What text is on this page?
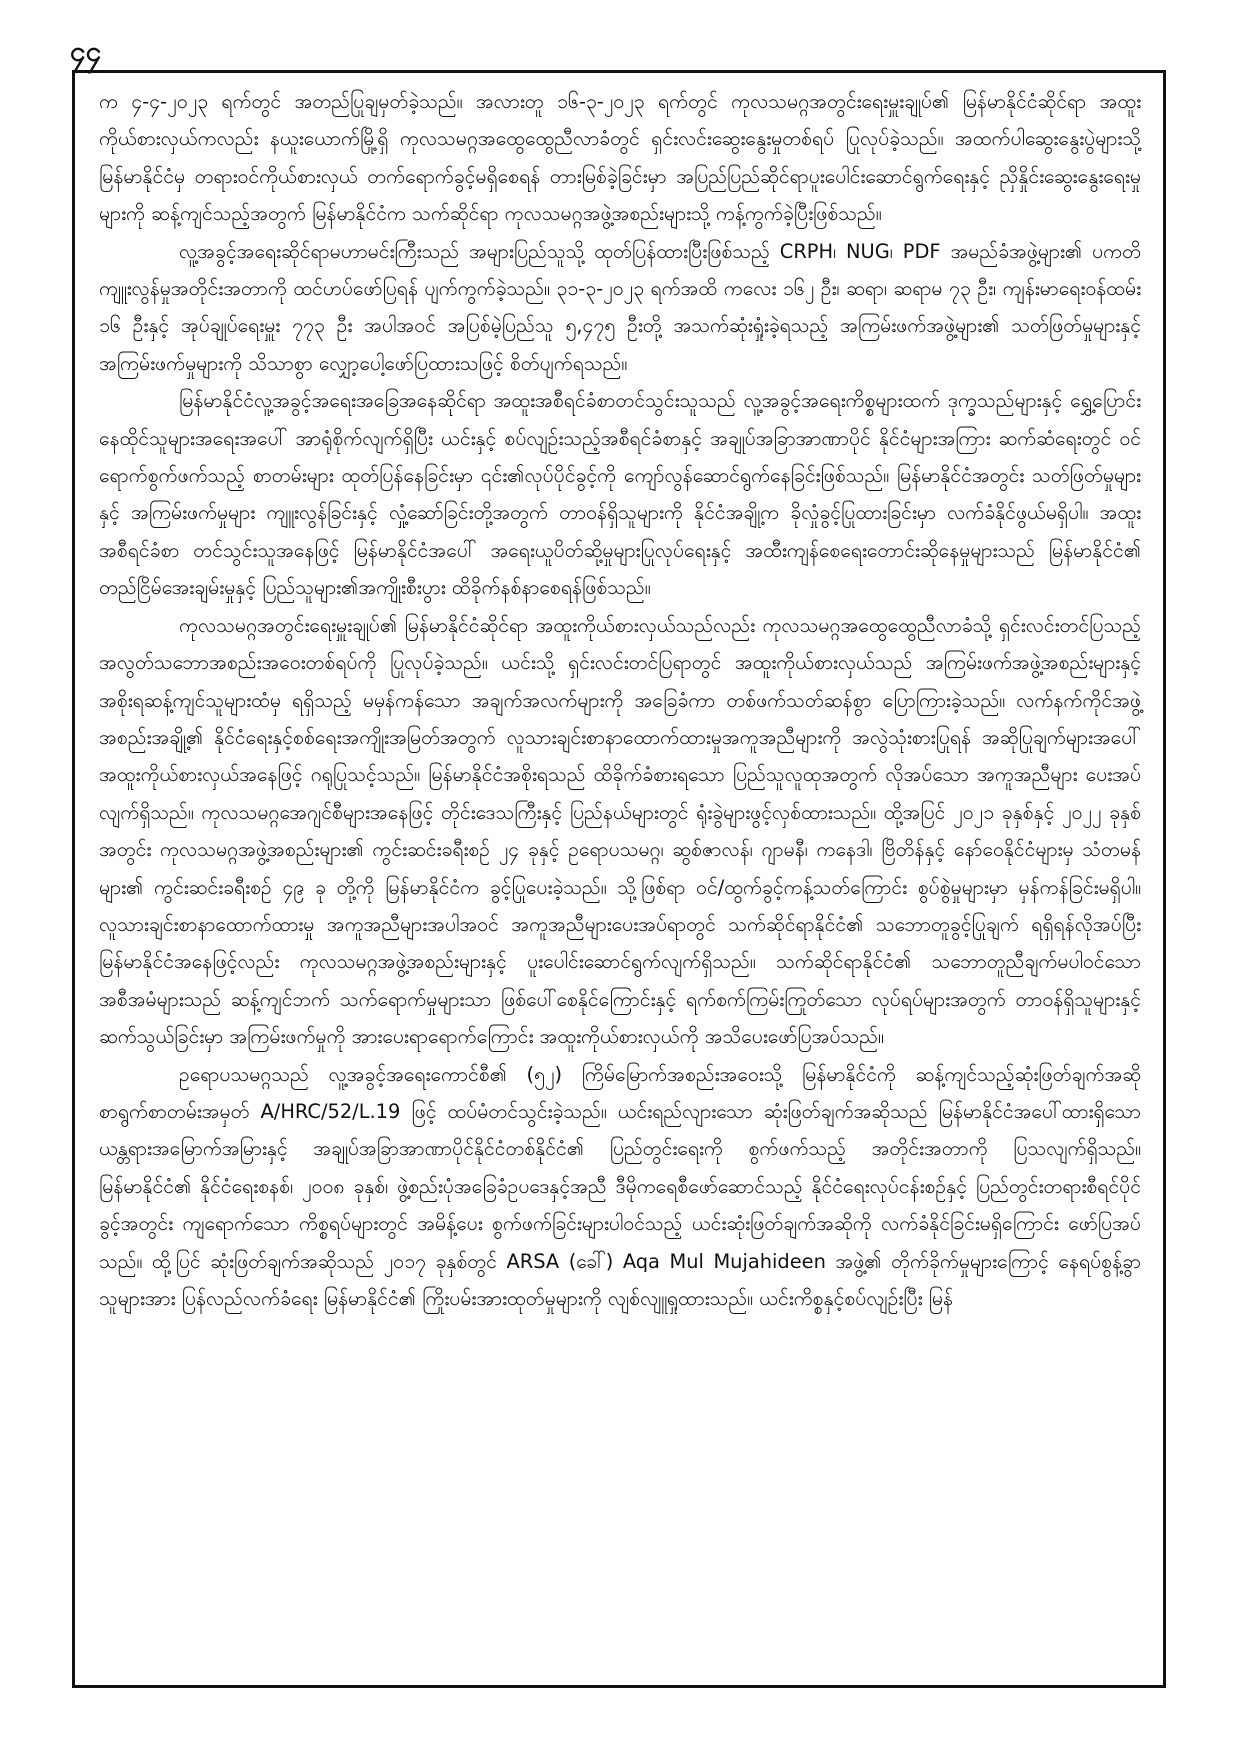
၄၄

က ၄-၄-၂၀၂၃ ရက်တွင် အတည်ပြုချမှတ်ခဲ့သည်။ အလားတူ ၁၆-၃-၂၀၂၃ ရက်တွင် ကုလသမဂ္ဂအတွင်းရေးမှူးချုပ်၏ မြန်မာနိုင်ငံဆိုင်ရာ အထူးကိုယ်စားလှယ်ကလည်း နယူးယောက်မြို့ရှိ ကုလသမဂ္ဂအထွေထွေညီလာခံတွင် ရှင်းလင်းဆွေးနွေးမှုတစ်ရပ် ပြုလုပ်ခဲ့သည်။ အထက်ပါဆွေးနွေးပွဲများသို့ မြန်မာနိုင်ငံမှ တရားဝင်ကိုယ်စားလှယ် တက်ရောက်ခွင့်မရှိစေရန် တားမြစ်ခဲ့ခြင်းမှာ အပြည်ပြည်ဆိုင်ရာပူးပေါင်းဆောင်ရွက်ရေးနှင့် ညှိနှိုင်းဆွေးနွေးရေးမှုများကို ဆန့်ကျင်သည့်အတွက် မြန်မာနိုင်ငံက သက်ဆိုင်ရာ ကုလသမဂ္ဂအဖွဲ့အစည်းများသို့ ကန့်ကွက်ခဲ့ပြီးဖြစ်သည်။

လူ့အခွင့်အရေးဆိုင်ရာမဟာမင်းကြီးသည် အများပြည်သူသို့ ထုတ်ပြန်ထားပြီးဖြစ်သည့် CRPH၊ NUG၊ PDF အမည်ခံအဖွဲ့များ၏ ပကတိကျူးလွန်မှုအတိုင်းအတာကို ထင်ဟပ်ဖော်ပြရန် ပျက်ကွက်ခဲ့သည်။ ၃၁-၃-၂၀၂၃ ရက်အထိ ကလေး ၁၆၂ ဦး၊ ဆရာ၊ ဆရာမ ၇၃ ဦး၊ ကျန်းမာရေးဝန်ထမ်း ၁၆ ဦးနှင့် အုပ်ချုပ်ရေးမှူး ၇၇၃ ဦး အပါအဝင် အပြစ်မဲ့ပြည်သူ ၅,၄၇၅ ဦးတို့ အသက်ဆုံးရှုံးခဲ့ရသည့် အကြမ်းဖက်အဖွဲ့များ၏ သတ်ဖြတ်မှုများနှင့် အကြမ်းဖက်မှုများကို သိသာစွာ လျှော့ပေါ့ဖော်ပြထားသဖြင့် စိတ်ပျက်ရသည်။

မြန်မာနိုင်ငံလူ့အခွင့်အရေးအခြေအနေဆိုင်ရာ အထူးအစီရင်ခံစာတင်သွင်းသူသည် လူ့အခွင့်အရေးကိစ္စများထက် ဒုက္ခသည်များနှင့် ရွှေ့ပြောင်းနေထိုင်သူများအရေးအပေါ် အာရုံစိုက်လျက်ရှိပြီး ယင်းနှင့် စပ်လျဉ်းသည့်အစီရင်ခံစာနှင့် အချုပ်အခြာအာဏာပိုင် နိုင်ငံများအကြား ဆက်ဆံရေးတွင် ဝင်ရောက်စွက်ဖက်သည့် စာတမ်းများ ထုတ်ပြန်နေခြင်းမှာ ၎င်း၏လုပ်ပိုင်ခွင့်ကို ကျော်လွန်ဆောင်ရွက်နေခြင်းဖြစ်သည်။ မြန်မာနိုင်ငံအတွင်း သတ်ဖြတ်မှုများနှင့် အကြမ်းဖက်မှုများ ကျူးလွန်ခြင်းနှင့် လှုံ့ဆော်ခြင်းတို့အတွက် တာဝန်ရှိသူများကို နိုင်ငံအချို့က ခိုလှုံခွင့်ပြုထားခြင်းမှာ လက်ခံနိုင်ဖွယ်မရှိပါ။ အထူးအစီရင်ခံစာ တင်သွင်းသူအနေဖြင့် မြန်မာနိုင်ငံအပေါ် အရေးယူပိတ်ဆို့မှုများပြုလုပ်ရေးနှင့် အထီးကျန်စေရေးတောင်းဆိုနေမှုများသည် မြန်မာနိုင်ငံ၏ တည်ငြိမ်အေးချမ်းမှုနှင့် ပြည်သူများ၏အကျိုးစီးပွား ထိခိုက်နစ်နာစေရန်ဖြစ်သည်။

ကုလသမဂ္ဂအတွင်းရေးမှူးချုပ်၏ မြန်မာနိုင်ငံဆိုင်ရာ အထူးကိုယ်စားလှယ်သည်လည်း ကုလသမဂ္ဂအထွေထွေညီလာခံသို့ ရှင်းလင်းတင်ပြသည့် အလွတ်သဘောအစည်းအဝေးတစ်ရပ်ကို ပြုလုပ်ခဲ့သည်။ ယင်းသို့ ရှင်းလင်းတင်ပြရာတွင် အထူးကိုယ်စားလှယ်သည် အကြမ်းဖက်အဖွဲ့အစည်းများနှင့် အစိုးရဆန့်ကျင်သူများထံမှ ရရှိသည့် မမှန်ကန်သော အချက်အလက်များကို အခြေခံကာ တစ်ဖက်သတ်ဆန်စွာ ပြောကြားခဲ့သည်။ လက်နက်ကိုင်အဖွဲ့အစည်းအချို့၏ နိုင်ငံရေးနှင့်စစ်ရေးအကျိုးအမြတ်အတွက် လူသားချင်းစာနာထောက်ထားမှုအကူအညီများကို အလွဲသုံးစားပြုရန် အဆိုပြုချက်များအပေါ် အထူးကိုယ်စားလှယ်အနေဖြင့် ဂရုပြုသင့်သည်။ မြန်မာနိုင်ငံအစိုးရသည် ထိခိုက်ခံစားရသော ပြည်သူလူထုအတွက် လိုအပ်သော အကူအညီများ ပေးအပ်လျက်ရှိသည်။ ကုလသမဂ္ဂအေဂျင်စီများအနေဖြင့် တိုင်းဒေသကြီးနှင့် ပြည်နယ်များတွင် ရုံးခွဲများဖွင့်လှစ်ထားသည်။ ထို့အပြင် ၂၀၂၁ ခုနှစ်နှင့် ၂၀၂၂ ခုနှစ်အတွင်း ကုလသမဂ္ဂအဖွဲ့အစည်းများ၏ ကွင်းဆင်းခရီးစဉ် ၂၄ ခုနှင့် ဥရောပသမဂ္ဂ၊ ဆွစ်ဇာလန်၊ ဂျာမနီ၊ ကနေဒါ၊ ဗြိတိန်နှင့် နော်ဝေနိုင်ငံများမှ သံတမန်များ၏ ကွင်းဆင်းခရီးစဉ် ၄၉ ခု တို့ကို မြန်မာနိုင်ငံက ခွင့်ပြုပေးခဲ့သည်။ သို့ဖြစ်ရာ ဝင်/ထွက်ခွင့်ကန့်သတ်ကြောင်း စွပ်စွဲမှုများမှာ မှန်ကန်ခြင်းမရှိပါ။ လူသားချင်းစာနာထောက်ထားမှု အကူအညီများအပါအဝင် အကူအညီများပေးအပ်ရာတွင် သက်ဆိုင်ရာနိုင်ငံ၏ သဘောတူခွင့်ပြုချက် ရရှိရန်လိုအပ်ပြီး မြန်မာနိုင်ငံအနေဖြင့်လည်း ကုလသမဂ္ဂအဖွဲ့အစည်းများနှင့် ပူးပေါင်းဆောင်ရွက်လျက်ရှိသည်။ သက်ဆိုင်ရာနိုင်ငံ၏ သဘောတူညီချက်မပါဝင်သော အစီအမံများသည် ဆန့်ကျင်ဘက် သက်ရောက်မှုများသာ ဖြစ်ပေါ်စေနိုင်ကြောင်းနှင့် ရက်စက်ကြမ်းကြုတ်သော လုပ်ရပ်များအတွက် တာဝန်ရှိသူများနှင့် ဆက်သွယ်ခြင်းမှာ အကြမ်းဖက်မှုကို အားပေးရာရောက်ကြောင်း အထူးကိုယ်စားလှယ်ကို အသိပေးဖော်ပြအပ်သည်။

ဥရောပသမဂ္ဂသည် လူ့အခွင့်အရေးကောင်စီ၏ (၅၂) ကြိမ်မြောက်အစည်းအဝေးသို့ မြန်မာနိုင်ငံကို ဆန့်ကျင်သည့်ဆုံးဖြတ်ချက်အဆို စာရွက်စာတမ်းအမှတ် A/HRC/52/L.19 ဖြင့် ထပ်မံတင်သွင်းခဲ့သည်။ ယင်းရည်လျားသော ဆုံးဖြတ်ချက်အဆိုသည် မြန်မာနိုင်ငံအပေါ်ထားရှိသော ယန္တရားအမြောက်အမြားနှင့် အချုပ်အခြာအာဏာပိုင်နိုင်ငံတစ်နိုင်ငံ၏ ပြည်တွင်းရေးကို စွက်ဖက်သည့် အတိုင်းအတာကို ပြသလျက်ရှိသည်။ မြန်မာနိုင်ငံ၏ နိုင်ငံရေးစနစ်၊ ၂၀၀၈ ခုနှစ်၊ ဖွဲ့စည်းပုံအခြေခံဥပဒေနှင့်အညီ ဒီမိုကရေစီဖော်ဆောင်သည့် နိုင်ငံရေးလုပ်ငန်းစဉ်နှင့် ပြည်တွင်းတရားစီရင်ပိုင်ခွင့်အတွင်း ကျရောက်သော ကိစ္စရပ်များတွင် အမိန့်ပေး စွက်ဖက်ခြင်းများပါဝင်သည့် ယင်းဆုံးဖြတ်ချက်အဆိုကို လက်ခံနိုင်ခြင်းမရှိကြောင်း ဖော်ပြအပ်သည်။ ထို့ပြင် ဆုံးဖြတ်ချက်အဆိုသည် ၂၀၁၇ ခုနှစ်တွင် ARSA (ခေါ်) Aqa Mul Mujahideen အဖွဲ့၏ တိုက်ခိုက်မှုများကြောင့် နေရပ်စွန့်ခွာသူများအား ပြန်လည်လက်ခံရေး မြန်မာနိုင်ငံ၏ ကြိုးပမ်းအားထုတ်မှုများကို လျစ်လျူရှုထားသည်။ ယင်းကိစ္စနှင့်စပ်လျဉ်းပြီး မြန်
